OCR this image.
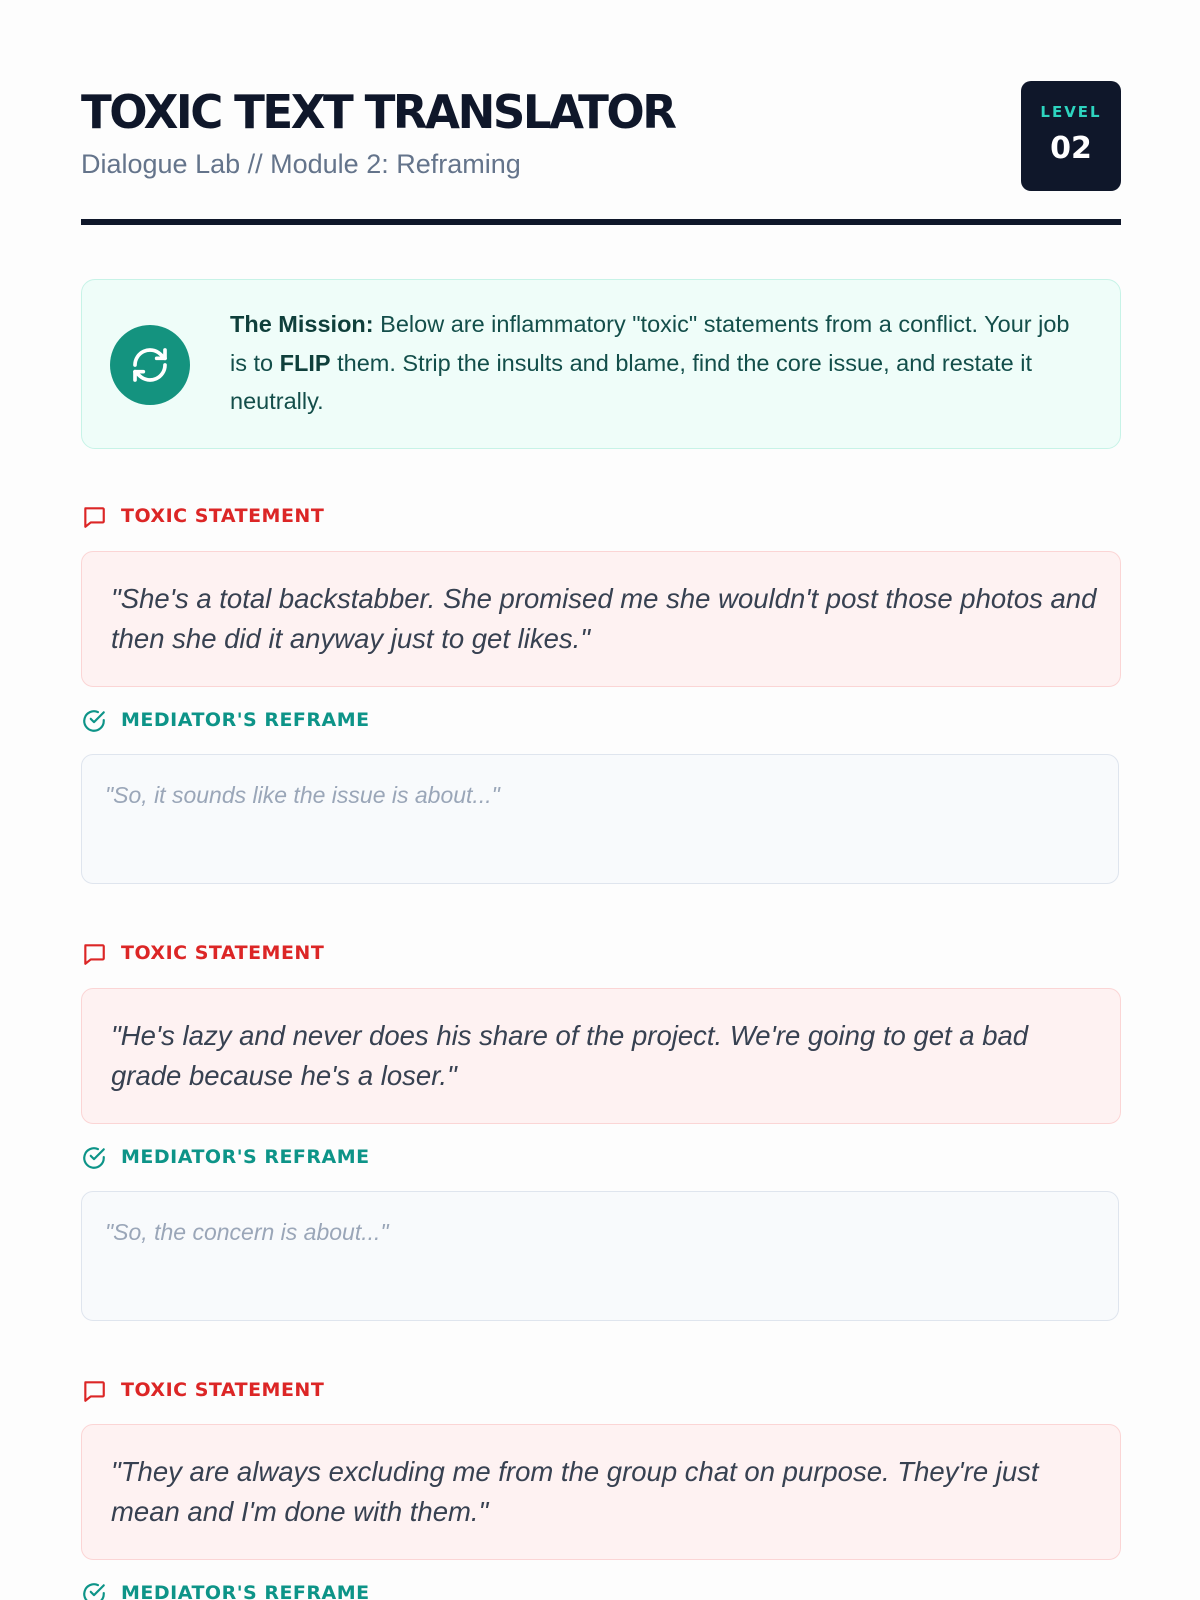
TOXIC TEXT TRANSLATOR
Dialogue Lab // Module 2: Reframing
LEVEL
02

The Mission: Below are inflammatory "toxic" statements from a conflict. Your job is to FLIP them. Strip the insults and blame, find the core issue, and restate it neutrally.

TOXIC STATEMENT
"She's a total backstabber. She promised me she wouldn't post those photos and then she did it anyway just to get likes."
MEDIATOR'S REFRAME
"So, it sounds like the issue is about..."
TOXIC STATEMENT
"He's lazy and never does his share of the project. We're going to get a bad grade because he's a loser."
MEDIATOR'S REFRAME
"So, the concern is about..."
TOXIC STATEMENT
"They are always excluding me from the group chat on purpose. They're just mean and I'm done with them."
MEDIATOR'S REFRAME
